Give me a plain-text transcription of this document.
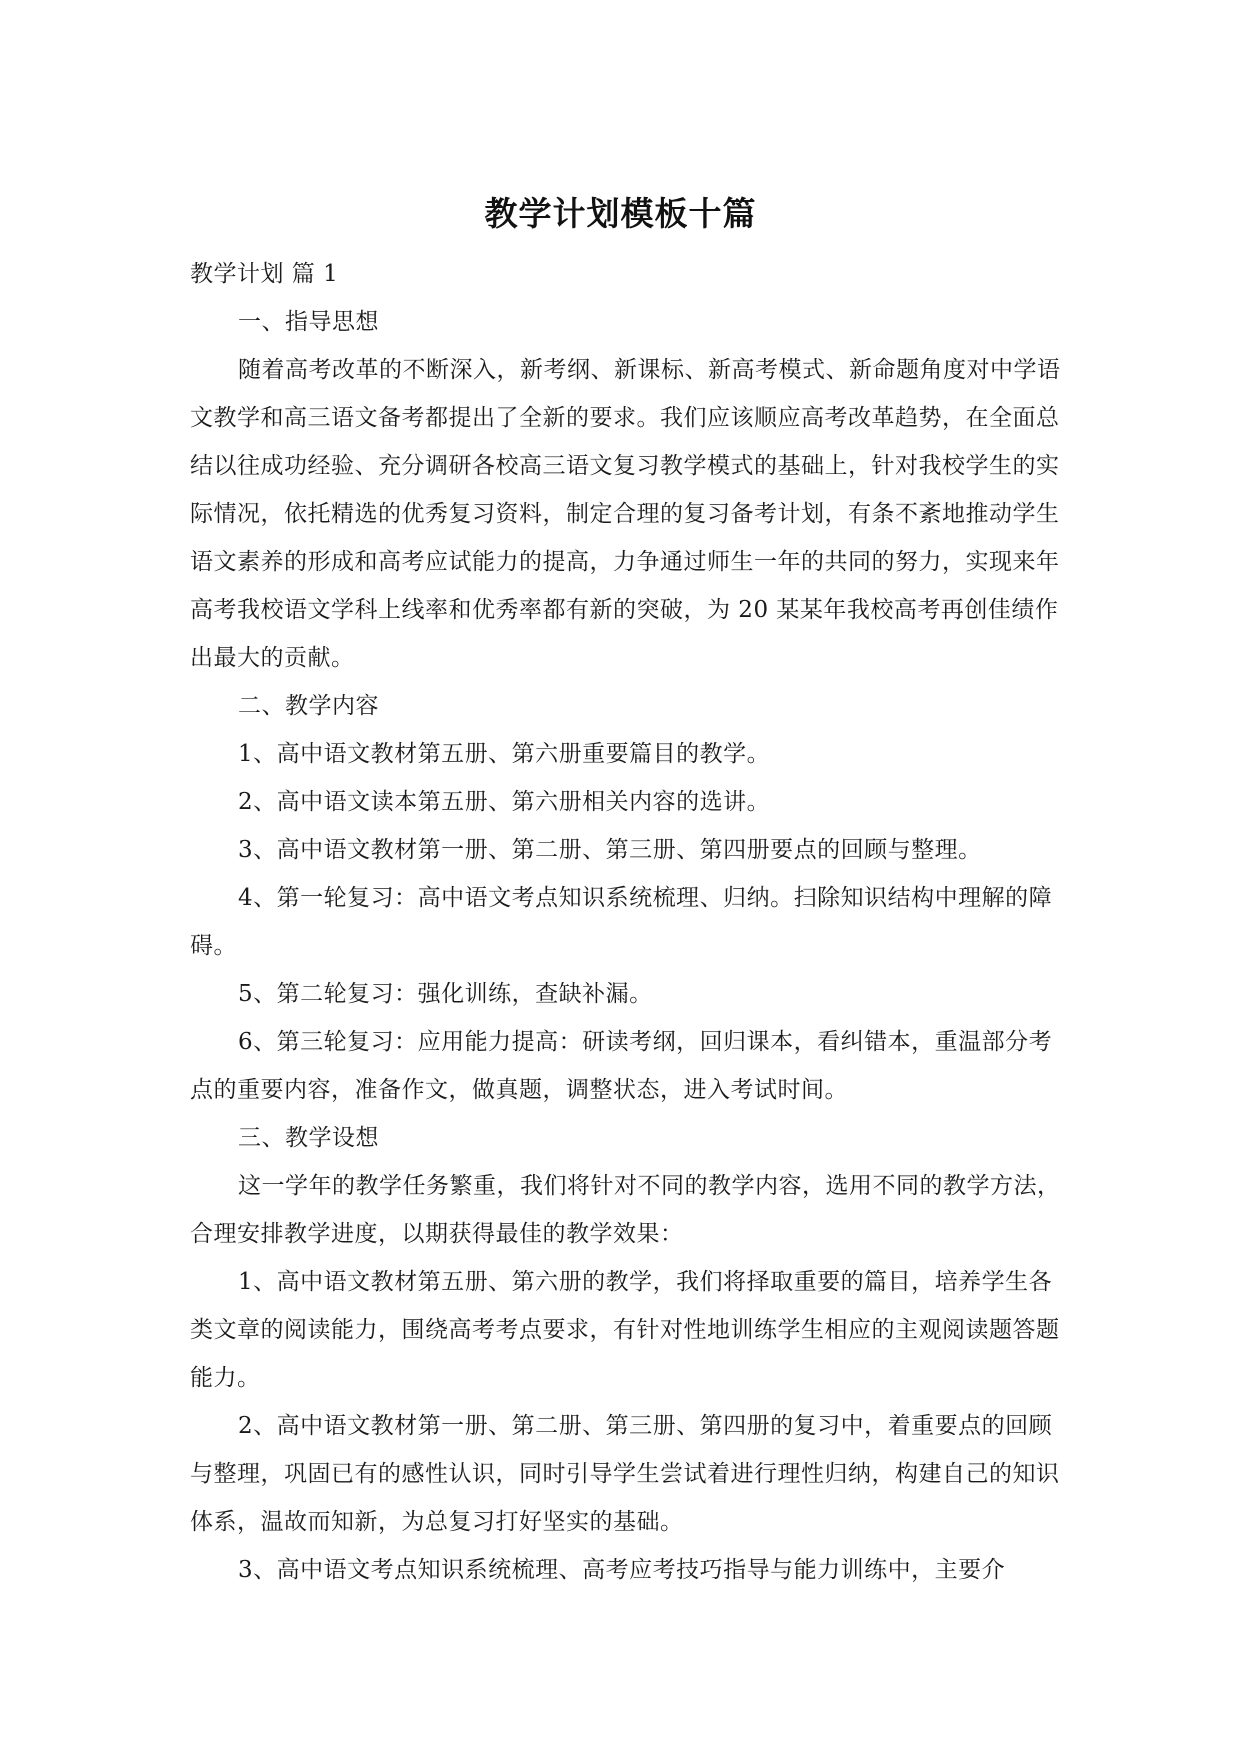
教学计划模板十篇

教学计划 篇 1

一、指导思想

随着高考改革的不断深入，新考纲、新课标、新高考模式、新命题角度对中学语文教学和高三语文备考都提出了全新的要求。我们应该顺应高考改革趋势，在全面总结以往成功经验、充分调研各校高三语文复习教学模式的基础上，针对我校学生的实际情况，依托精选的优秀复习资料，制定合理的复习备考计划，有条不紊地推动学生语文素养的形成和高考应试能力的提高，力争通过师生一年的共同的努力，实现来年高考我校语文学科上线率和优秀率都有新的突破，为 20 某某年我校高考再创佳绩作出最大的贡献。

二、教学内容

1、高中语文教材第五册、第六册重要篇目的教学。

2、高中语文读本第五册、第六册相关内容的选讲。

3、高中语文教材第一册、第二册、第三册、第四册要点的回顾与整理。

4、第一轮复习：高中语文考点知识系统梳理、归纳。扫除知识结构中理解的障碍。

5、第二轮复习：强化训练，查缺补漏。

6、第三轮复习：应用能力提高：研读考纲，回归课本，看纠错本，重温部分考点的重要内容，准备作文，做真题，调整状态，进入考试时间。

三、教学设想

这一学年的教学任务繁重，我们将针对不同的教学内容，选用不同的教学方法，合理安排教学进度，以期获得最佳的教学效果：

1、高中语文教材第五册、第六册的教学，我们将择取重要的篇目，培养学生各类文章的阅读能力，围绕高考考点要求，有针对性地训练学生相应的主观阅读题答题能力。

2、高中语文教材第一册、第二册、第三册、第四册的复习中，着重要点的回顾与整理，巩固已有的感性认识，同时引导学生尝试着进行理性归纳，构建自己的知识体系，温故而知新，为总复习打好坚实的基础。

3、高中语文考点知识系统梳理、高考应考技巧指导与能力训练中，主要介
